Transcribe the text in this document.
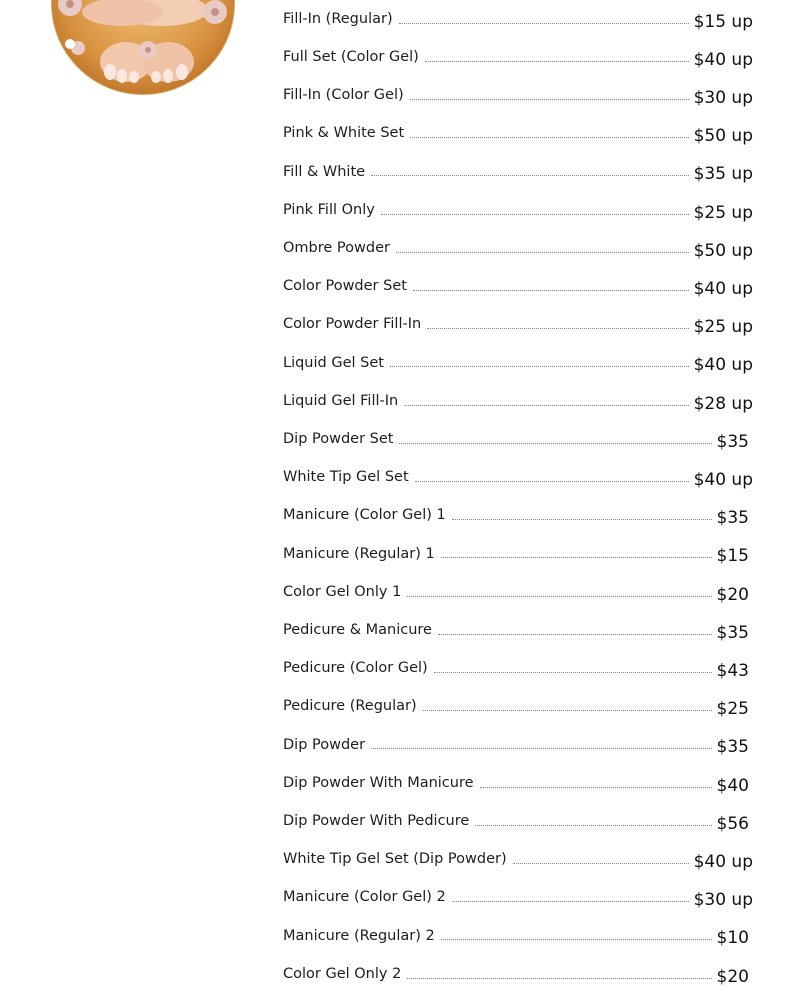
Fill-In (Regular)	$15 up
Full Set (Color Gel)	$40 up
Fill-In (Color Gel)	$30 up
Pink & White Set	$50 up
Fill & White	$35 up
Pink Fill Only	$25 up
Ombre Powder	$50 up
Color Powder Set	$40 up
Color Powder Fill-In	$25 up
Liquid Gel Set	$40 up
Liquid Gel Fill-In	$28 up
Dip Powder Set	$35
White Tip Gel Set	$40 up
Manicure (Color Gel) 1	$35
Manicure (Regular) 1	$15
Color Gel Only 1	$20
Pedicure & Manicure	$35
Pedicure (Color Gel)	$43
Pedicure (Regular)	$25
Dip Powder	$35
Dip Powder With Manicure	$40
Dip Powder With Pedicure	$56
White Tip Gel Set (Dip Powder)	$40 up
Manicure (Color Gel) 2	$30 up
Manicure (Regular) 2	$10
Color Gel Only 2	$20
